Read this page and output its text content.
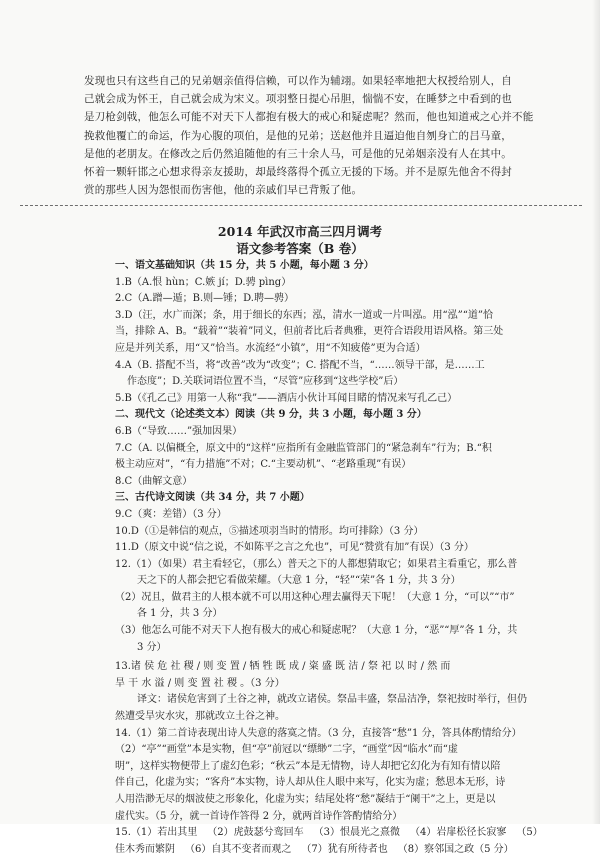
发现也只有这些自己的兄弟姻亲值得信赖，可以作为辅翊。如果轻率地把大权授给别人，自
己就会成为怀王，自己就会成为宋义。项羽整日提心吊胆，惴惴不安，在睡梦之中看到的也
是刀枪剑戟，他怎么可能不对天下人都抱有极大的戒心和疑虑呢？然而，他也知道戒之心并不能
挽救他覆亡的命运，作为心腹的项伯，是他的兄弟；送赵他并且逼迫他自刎身亡的吕马童，
是他的老朋友。在修改之后仍然追随他的有三十余人马，可是他的兄弟姻亲没有人在其中。
怀着一颗轩邯之心想求得亲友援助，却最终落得个孤立无援的下场。并不是原先他舍不得封
赏的那些人因为怨恨而伤害他，他的亲戚们早已背叛了他。
2014 年武汉市高三四月调考
语文参考答案（B 卷）
一、语文基础知识（共 15 分，共 5 小题，每小题 3 分）
1.B（A.恨 hùn；C.嫉 jí；D.骋 pìng）
2.C（A.蹭—遁；B.则—锤；D.聘—骋）
3.D（汪，水广而深；条，用于细长的东西；泓，清水一道或一片叫泓。用“泓”“道”恰
当，排除 A、B。“载着”“装着”同义，但前者比后者典雅，更符合语段用语风格。第三处
应是并列关系，用“又”恰当。水流经“小镇”，用“不知疲倦”更为合适）
4.A（B. 搭配不当，将“改善”改为“改变”；C. 搭配不当，“……领导干部，是……工
作态度”；D.关联词语位置不当，“尽管”应移到“这些学校”后）
5.B（《孔乙己》用第一人称“我”——酒店小伙计耳闻目睹的情况来写孔乙己）
二、现代文（论述类文本）阅读（共 9 分，共 3 小题，每小题 3 分）
6.B（“导致……”强加因果）
7.C（A. 以偏概全，原文中的“这样”应指所有金融监管部门的“紧急刹车”行为；B.“积
极主动应对”，“有力措施”不对；C.“主要动机”、“老路重现”有误）
8.C（曲解文意）
三、古代诗文阅读（共 34 分，共 7 小题）
9.C（爽：差错）（3 分）
10.D（①是韩信的观点，⑤描述项羽当时的情形。均可排除）（3 分）
11.D（原文中说“信之说，不如陈平之言之允也”，可见“赞赏有加”有误）（3 分）
12.（1）（如果）君主看轻它，（那么）普天之下的人都想猜取它；如果君主看重它，那么普
天之下的人都会把它看做荣耀。（大意 1 分，“轻”“荣”各 1 分，共 3 分）
（2）况且，做君主的人根本就不可以用这种心理去赢得天下呢！（大意 1 分，“可以”“市”
各 1 分，共 3 分）
（3）他怎么可能不对天下人抱有极大的戒心和疑虑呢？（大意 1 分，“恶”“厚”各 1 分，共
3 分）
13.诸 侯 危 社 稷 / 则 变 置 / 牺 牲 既 成 / 粢 盛 既 洁 / 祭 祀 以 时 / 然 而
旱 干 水 溢 / 则 变 置 社 稷 。（3 分）
译文：诸侯危害到了土谷之神，就改立诸侯。祭品丰盛，祭品洁净，祭祀按时举行，但仍
然遭受旱灾水灾，那就改立土谷之神。
14.（1）第二首诗表现出诗人失意的落寞之情。（3 分，直接答“愁”1 分，答具体酌情给分）
（2）“亭”“画堂”本是实物，但“亭”前冠以“缥缈”二字，“画堂”因“临水”而“虚
明”，这样实物便带上了虚幻色彩；“秋云”本是无情物，诗人却把它幻化为有知有情以陪
伴自己，化虚为实；“客舟”本实物，诗人却从住人眼中来写，化实为虚；愁思本无形，诗
人用浩渺无尽的烟波使之形象化，化虚为实；结尾处将“愁”凝结于“阑干”之上，更是以
虚代实。（5 分，就一首诗作答得 2 分，就两首诗作答酌情给分）
15.（1）若出其里 （2）虎鼓瑟兮鸾回车 （3）恨晨光之熹微 （4）岩扉松径长寂寥 （5）
佳木秀而繁阴 （6）自其不变者而观之 （7）犹有所待者也 （8）察邻国之政（5 分）
